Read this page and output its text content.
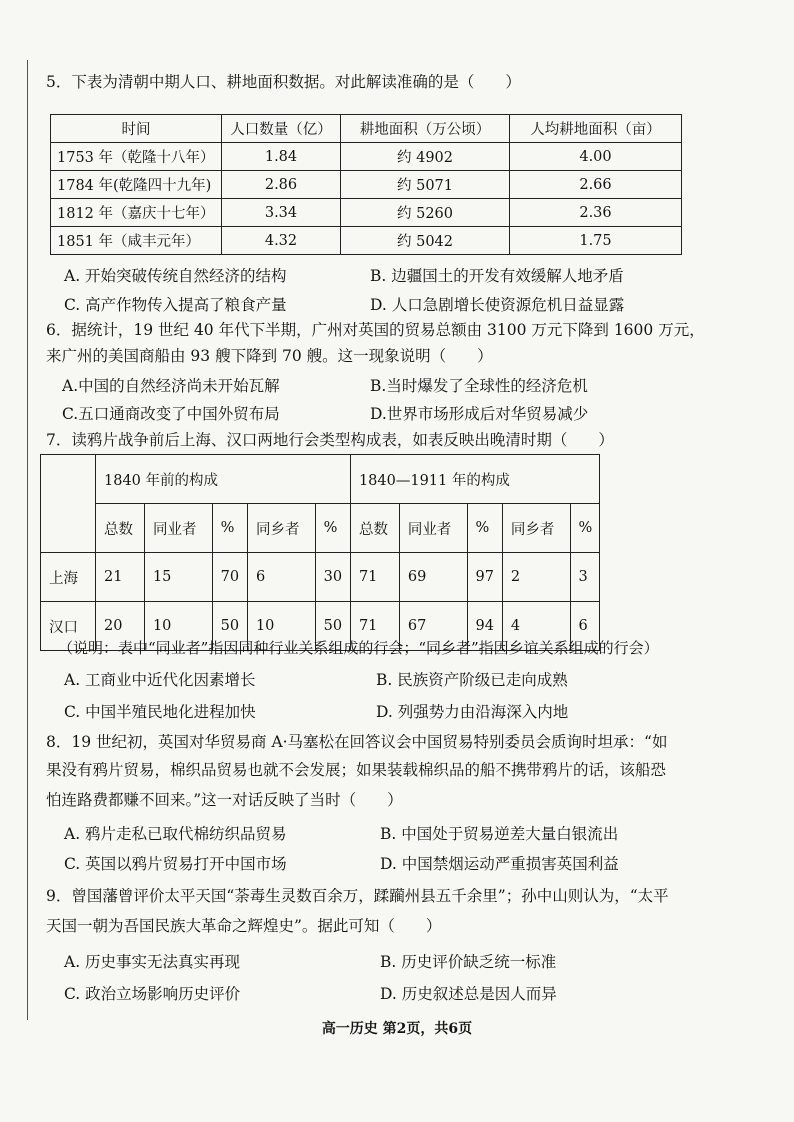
5．下表为清朝中期人口、耕地面积数据。对此解读准确的是（　　）
时间	人口数量（亿）	耕地面积（万公顷）	人均耕地面积（亩）
1753 年（乾隆十八年）	1.84	约 4902	4.00
1784 年(乾隆四十九年)	2.86	约 5071	2.66
1812 年（嘉庆十七年）	3.34	约 5260	2.36
1851 年（咸丰元年）	4.32	约 5042	1.75
A. 开始突破传统自然经济的结构	B. 边疆国土的开发有效缓解人地矛盾
C. 高产作物传入提高了粮食产量	D. 人口急剧增长使资源危机日益显露
6．据统计，19 世纪 40 年代下半期，广州对英国的贸易总额由 3100 万元下降到 1600 万元，
来广州的美国商船由 93 艘下降到 70 艘。这一现象说明（　　）
A.中国的自然经济尚未开始瓦解	B.当时爆发了全球性的经济危机
C.五口通商改变了中国外贸布局	D.世界市场形成后对华贸易减少
7．读鸦片战争前后上海、汉口两地行会类型构成表，如表反映出晚清时期（　　）
	1840 年前的构成					1840—1911 年的构成				
	总数	同业者	%	同乡者	%	总数	同业者	%	同乡者	%
上海	21	15	70	6	30	71	69	97	2	3
汉口	20	10	50	10	50	71	67	94	4	6
（说明：表中“同业者”指因同种行业关系组成的行会；“同乡者”指因乡谊关系组成的行会）
A. 工商业中近代化因素增长	B. 民族资产阶级已走向成熟
C. 中国半殖民地化进程加快	D. 列强势力由沿海深入内地
8．19 世纪初，英国对华贸易商 A·马塞松在回答议会中国贸易特别委员会质询时坦承：“如
果没有鸦片贸易，棉织品贸易也就不会发展；如果装载棉织品的船不携带鸦片的话，该船恐
怕连路费都赚不回来。”这一对话反映了当时（　　）
A. 鸦片走私已取代棉纺织品贸易	B. 中国处于贸易逆差大量白银流出
C. 英国以鸦片贸易打开中国市场	D. 中国禁烟运动严重损害英国利益
9．曾国藩曾评价太平天国“荼毒生灵数百余万，蹂躏州县五千余里”；孙中山则认为，“太平
天国一朝为吾国民族大革命之辉煌史”。据此可知（　　）
A. 历史事实无法真实再现	B. 历史评价缺乏统一标准
C. 政治立场影响历史评价	D. 历史叙述总是因人而异
高一历史 第2页，共6页
